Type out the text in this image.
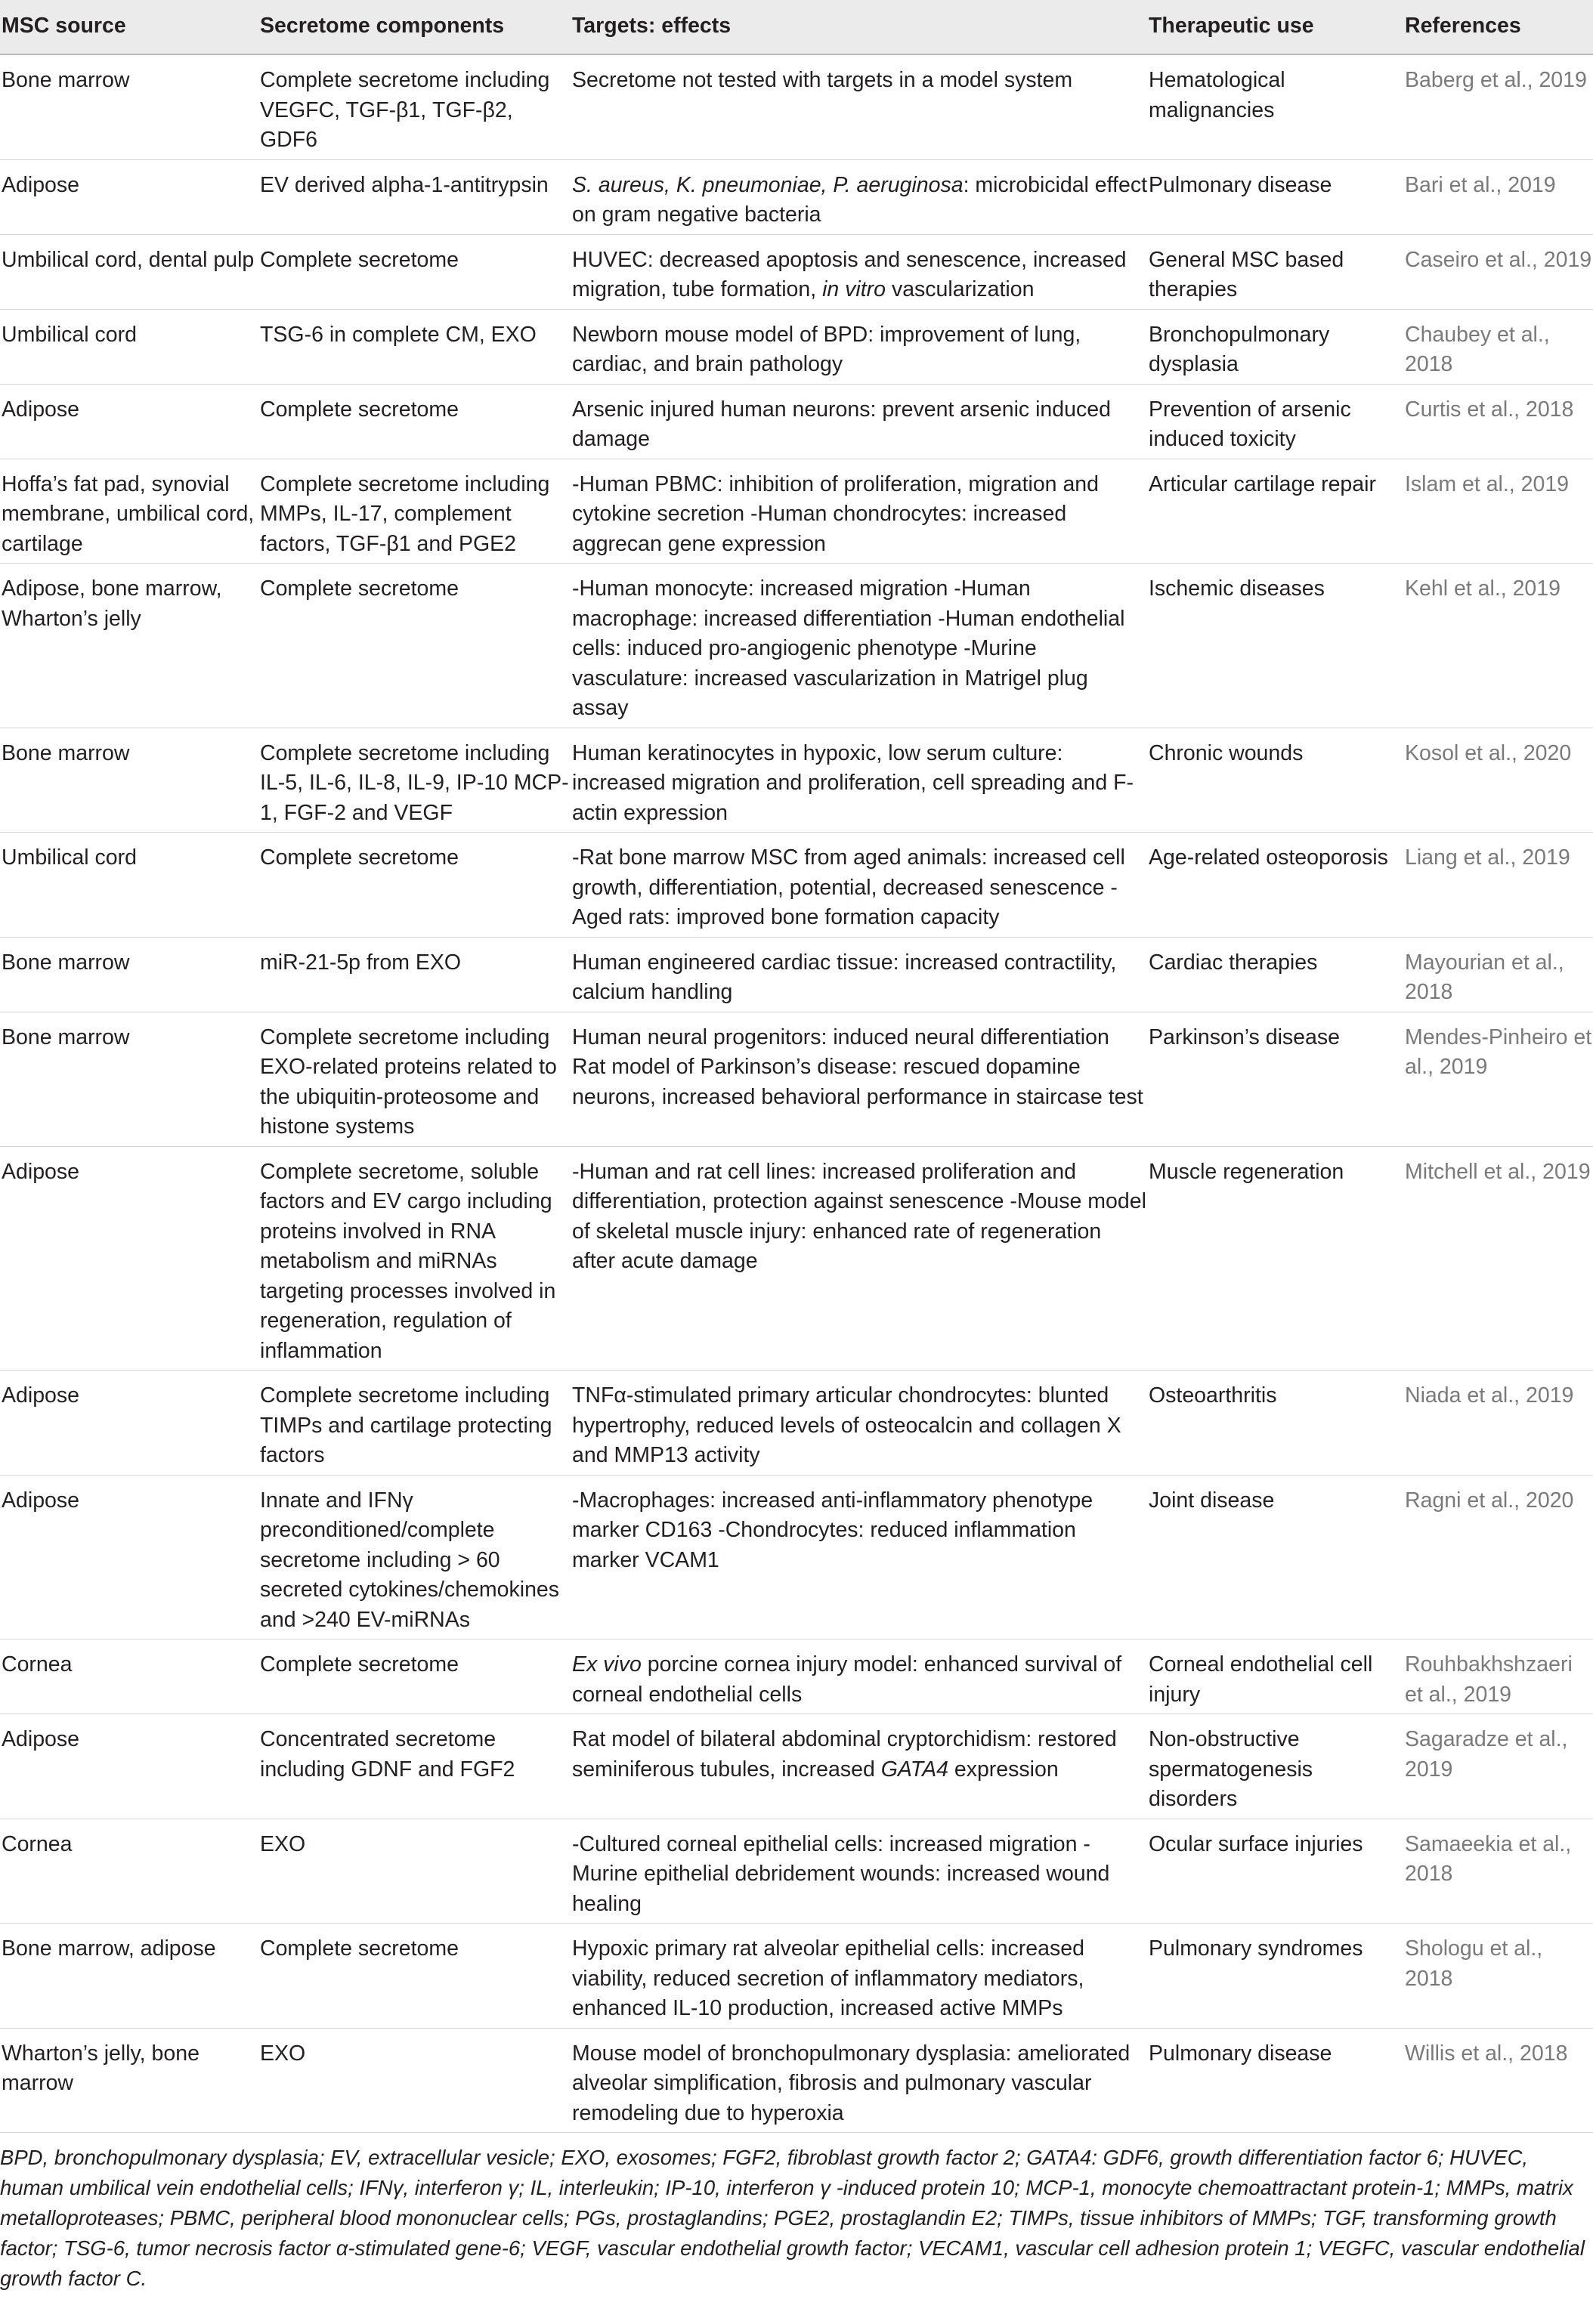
MSC source	Secretome components	Targets: effects	Therapeutic use	References
Bone marrow	Complete secretome including VEGFC, TGF-β1, TGF-β2, GDF6	Secretome not tested with targets in a model system	Hematological malignancies	Baberg et al., 2019
Adipose	EV derived alpha-1-antitrypsin	S. aureus, K. pneumoniae, P. aeruginosa: microbicidal effect on gram negative bacteria	Pulmonary disease	Bari et al., 2019
Umbilical cord, dental pulp	Complete secretome	HUVEC: decreased apoptosis and senescence, increased migration, tube formation, in vitro vascularization	General MSC based therapies	Caseiro et al., 2019
Umbilical cord	TSG-6 in complete CM, EXO	Newborn mouse model of BPD: improvement of lung, cardiac, and brain pathology	Bronchopulmonary dysplasia	Chaubey et al., 2018
Adipose	Complete secretome	Arsenic injured human neurons: prevent arsenic induced damage	Prevention of arsenic induced toxicity	Curtis et al., 2018
Hoffa’s fat pad, synovial membrane, umbilical cord, cartilage	Complete secretome including MMPs, IL-17, complement factors, TGF-β1 and PGE2	-Human PBMC: inhibition of proliferation, migration and cytokine secretion -Human chondrocytes: increased aggrecan gene expression	Articular cartilage repair	Islam et al., 2019
Adipose, bone marrow, Wharton’s jelly	Complete secretome	-Human monocyte: increased migration -Human macrophage: increased differentiation -Human endothelial cells: induced pro-angiogenic phenotype -Murine vasculature: increased vascularization in Matrigel plug assay	Ischemic diseases	Kehl et al., 2019
Bone marrow	Complete secretome including IL-5, IL-6, IL-8, IL-9, IP-10 MCP-1, FGF-2 and VEGF	Human keratinocytes in hypoxic, low serum culture: increased migration and proliferation, cell spreading and F-actin expression	Chronic wounds	Kosol et al., 2020
Umbilical cord	Complete secretome	-Rat bone marrow MSC from aged animals: increased cell growth, differentiation, potential, decreased senescence -Aged rats: improved bone formation capacity	Age-related osteoporosis	Liang et al., 2019
Bone marrow	miR-21-5p from EXO	Human engineered cardiac tissue: increased contractility, calcium handling	Cardiac therapies	Mayourian et al., 2018
Bone marrow	Complete secretome including EXO-related proteins related to the ubiquitin-proteosome and histone systems	Human neural progenitors: induced neural differentiation Rat model of Parkinson’s disease: rescued dopamine neurons, increased behavioral performance in staircase test	Parkinson’s disease	Mendes-Pinheiro et al., 2019
Adipose	Complete secretome, soluble factors and EV cargo including proteins involved in RNA metabolism and miRNAs targeting processes involved in regeneration, regulation of inflammation	-Human and rat cell lines: increased proliferation and differentiation, protection against senescence -Mouse model of skeletal muscle injury: enhanced rate of regeneration after acute damage	Muscle regeneration	Mitchell et al., 2019
Adipose	Complete secretome including TIMPs and cartilage protecting factors	TNFα-stimulated primary articular chondrocytes: blunted hypertrophy, reduced levels of osteocalcin and collagen X and MMP13 activity	Osteoarthritis	Niada et al., 2019
Adipose	Innate and IFNγ preconditioned/complete secretome including > 60 secreted cytokines/chemokines and >240 EV-miRNAs	-Macrophages: increased anti-inflammatory phenotype marker CD163 -Chondrocytes: reduced inflammation marker VCAM1	Joint disease	Ragni et al., 2020
Cornea	Complete secretome	Ex vivo porcine cornea injury model: enhanced survival of corneal endothelial cells	Corneal endothelial cell injury	Rouhbakhshzaeri et al., 2019
Adipose	Concentrated secretome including GDNF and FGF2	Rat model of bilateral abdominal cryptorchidism: restored seminiferous tubules, increased GATA4 expression	Non-obstructive spermatogenesis disorders	Sagaradze et al., 2019
Cornea	EXO	-Cultured corneal epithelial cells: increased migration -Murine epithelial debridement wounds: increased wound healing	Ocular surface injuries	Samaeekia et al., 2018
Bone marrow, adipose	Complete secretome	Hypoxic primary rat alveolar epithelial cells: increased viability, reduced secretion of inflammatory mediators, enhanced IL-10 production, increased active MMPs	Pulmonary syndromes	Shologu et al., 2018
Wharton’s jelly, bone marrow	EXO	Mouse model of bronchopulmonary dysplasia: ameliorated alveolar simplification, fibrosis and pulmonary vascular remodeling due to hyperoxia	Pulmonary disease	Willis et al., 2018
BPD, bronchopulmonary dysplasia; EV, extracellular vesicle; EXO, exosomes; FGF2, fibroblast growth factor 2; GATA4: GDF6, growth differentiation factor 6; HUVEC, human umbilical vein endothelial cells; IFNγ, interferon γ; IL, interleukin; IP-10, interferon γ -induced protein 10; MCP-1, monocyte chemoattractant protein-1; MMPs, matrix metalloproteases; PBMC, peripheral blood mononuclear cells; PGs, prostaglandins; PGE2, prostaglandin E2; TIMPs, tissue inhibitors of MMPs; TGF, transforming growth factor; TSG-6, tumor necrosis factor α-stimulated gene-6; VEGF, vascular endothelial growth factor; VECAM1, vascular cell adhesion protein 1; VEGFC, vascular endothelial growth factor C.
